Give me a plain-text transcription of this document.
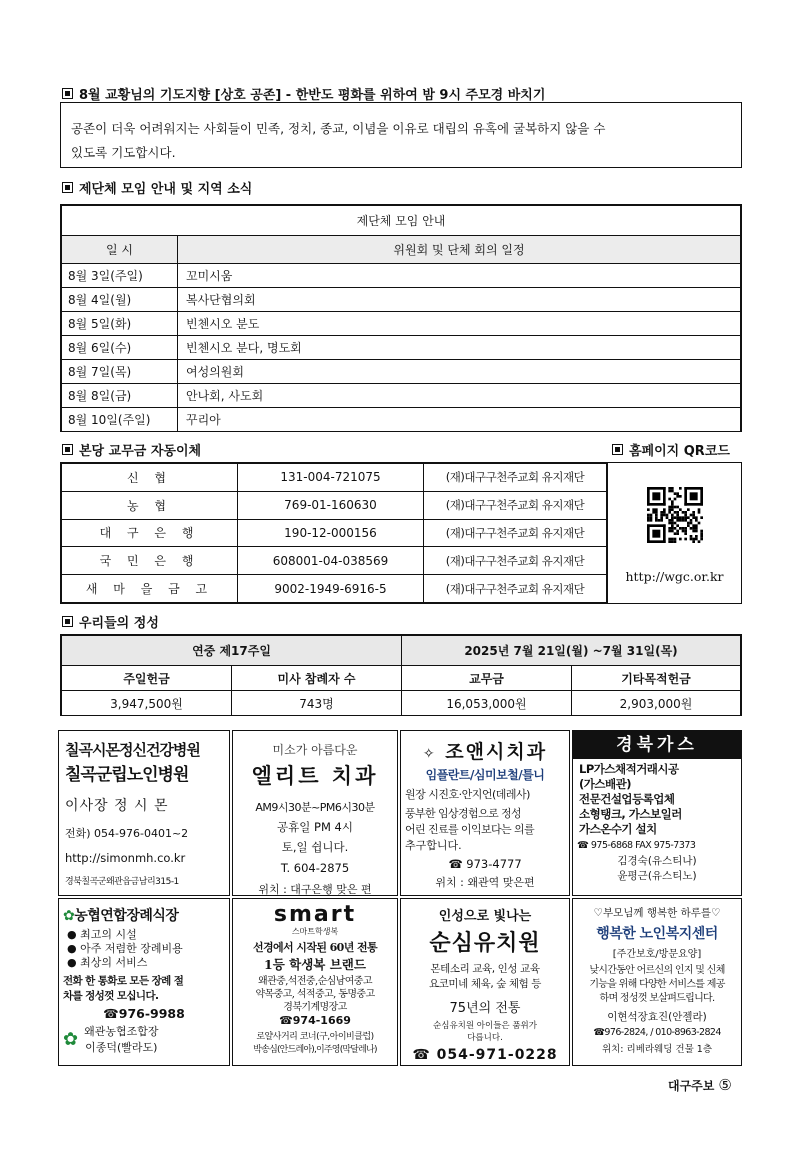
8월 교황님의 기도지향 [상호 공존] - 한반도 평화를 위하여 밤 9시 주모경 바치기
공존이 더욱 어려워지는 사회들이 민족, 정치, 종교, 이념을 이유로 대립의 유혹에 굴복하지 않을 수
있도록 기도합시다.
제단체 모임 안내 및 지역 소식
제단체 모임 안내	
일 시	위원회 및 단체 회의 일정
8월 3일(주일)	꼬미시움
8월 4일(월)	복사단협의회
8월 5일(화)	빈첸시오 분도
8월 6일(수)	빈첸시오 분다, 명도회
8월 7일(목)	여성의원회
8월 8일(금)	안나회, 사도회
8월 10일(주일)	꾸리아
본당 교무금 자동이체	홈페이지 QR코드
신 협	131-004-721075	(재)대구구천주교회 유지재단
농 협	769-01-160630	(재)대구구천주교회 유지재단
대 구 은 행	190-12-000156	(재)대구구천주교회 유지재단
국 민 은 행	608001-04-038569	(재)대구구천주교회 유지재단
새 마 을 금 고	9002-1949-6916-5	(재)대구구천주교회 유지재단
http://wgc.or.kr
우리들의 정성
연중 제17주일		2025년 7월 21일(월) ~7월 31일(목)	
주일헌금	미사 참례자 수	교무금	기타목적헌금
3,947,500원	743명	16,053,000원	2,903,000원
칠곡시몬정신건강병원
칠곡군립노인병원
이사장 정 시 몬
전화) 054-976-0401~2
http://simonmh.co.kr
경북칠곡군왜관읍금남리315-1
미소가 아름다운
엘리트 치과
AM9시30분~PM6시30분
공휴일 PM 4시
토,일 쉽니다.
T. 604-2875
위치 : 대구은행 맞은 편
✧ 조앤시치과
임플란트/심미보철/틀니
원장 시진호·안지언(데레사)
풍부한 임상경험으로 정성
어린 진료를 이익보다는 의를
추구합니다.
☎ 973-4777
위치 : 왜관역 맞은편
경북가스
LP가스채적거래시공
(가스배관)
전문건설업등록업체
소형탱크, 가스보일러
가스온수기 설치
☎ 975-6868 FAX 975-7373
김경숙(유스티나)
윤평근(유스티노)
✿농협연합장례식장
● 최고의 시설
● 아주 저렴한 장례비용
● 최상의 서비스
전화 한 통화로 모든 장례 절
차를 정성껏 모십니다.
☎976-9988
✿ 왜관농협조합장
이종덕(빨라도)
smart
스마트학생복
선경에서 시작된 60년 전통
1등 학생복 브랜드
왜관중,석전중,순심남여중고
약목중고, 석적중고, 동명중고
경북기계명장고
☎974-1669
로얄사거리 코너(구,아이비클럽)
박송심(안드레아),이주영(막달레나)
인성으로 빛나는
순심유치원
몬테소리 교육, 인성 교육
요코미네 체육, 숲 체험 등
75년의 전통
순심유치원 아이들은 품위가
다릅니다.
☎ 054-971-0228
♡부모님께 행복한 하루를♡
행복한 노인복지센터
[주간보호/방문요양]
낮시간동안 어르신의 인지 및 신체
기능을 위해 다양한 서비스를 제공
하며 정성껏 보살펴드립니다.
이현석장효진(안젤라)
☎976-2824, / 010-8963-2824
위치: 리베라웨딩 건물 1층
대구주보 ⑤
